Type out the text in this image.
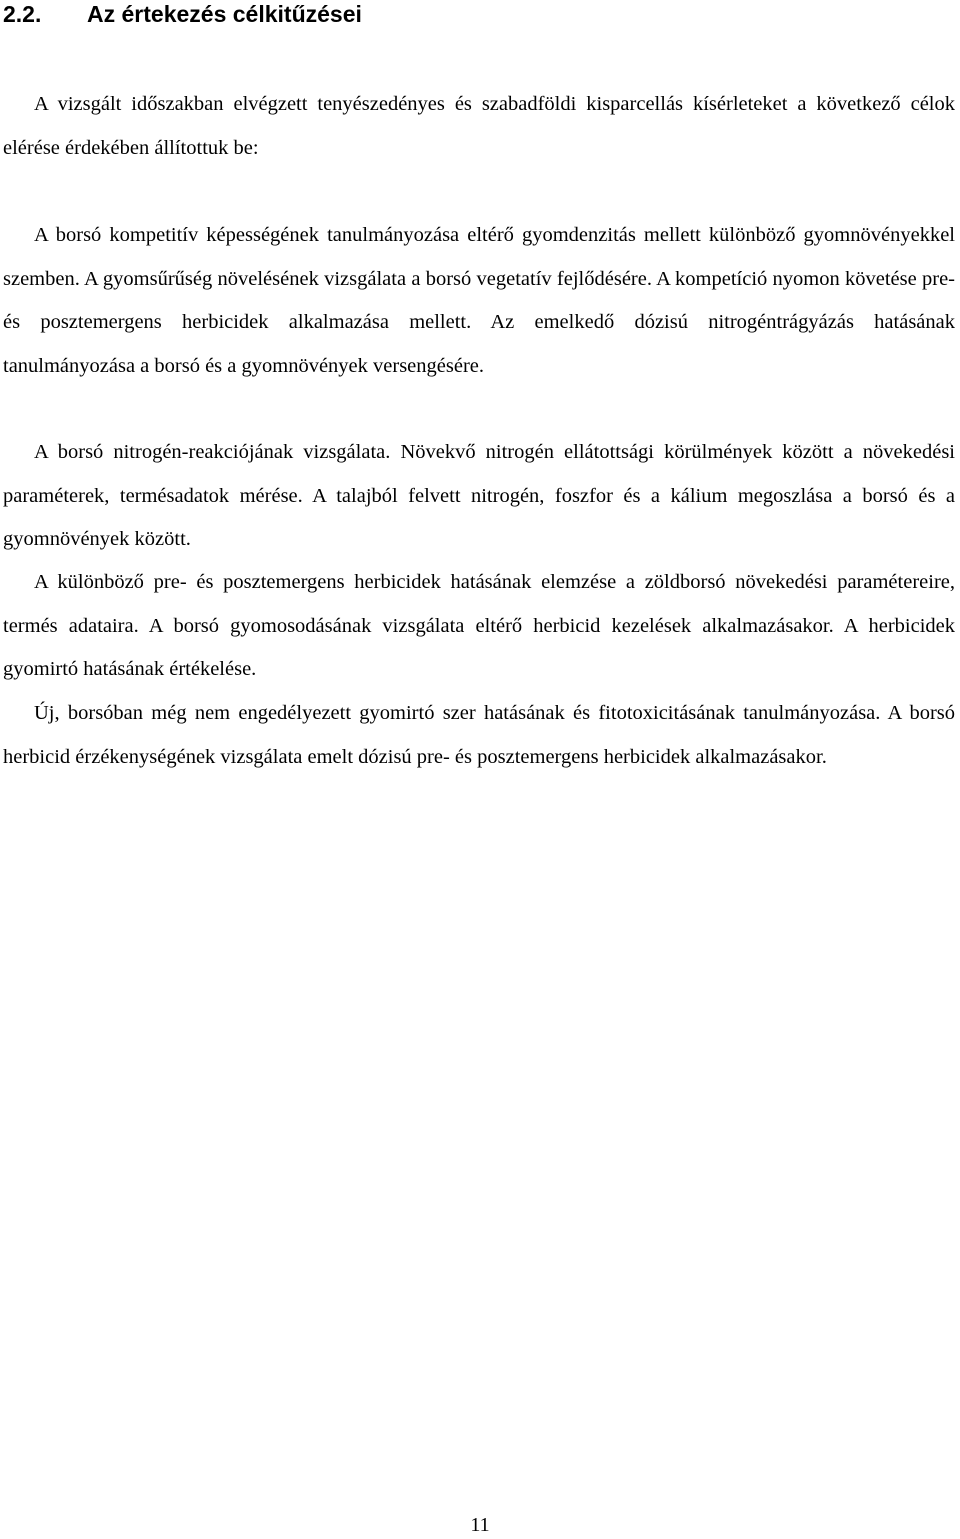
2.2. Az értekezés célkitűzései

A vizsgált időszakban elvégzett tenyészedényes és szabadföldi kisparcellás kísérleteket a következő célok elérése érdekében állítottuk be:

A borsó kompetitív képességének tanulmányozása eltérő gyomdenzitás mellett különböző gyomnövényekkel szemben. A gyomsűrűség növelésének vizsgálata a borsó vegetatív fejlődésére. A kompetíció nyomon követése pre- és posztemergens herbicidek alkalmazása mellett. Az emelkedő dózisú nitrogéntrágyázás hatásának tanulmányozása a borsó és a gyomnövények versengésére.

A borsó nitrogén-reakciójának vizsgálata. Növekvő nitrogén ellátottsági körülmények között a növekedési paraméterek, termésadatok mérése. A talajból felvett nitrogén, foszfor és a kálium megoszlása a borsó és a gyomnövények között.

A különböző pre- és posztemergens herbicidek hatásának elemzése a zöldborsó növekedési paramétereire, termés adataira. A borsó gyomosodásának vizsgálata eltérő herbicid kezelések alkalmazásakor. A herbicidek gyomirtó hatásának értékelése.

Új, borsóban még nem engedélyezett gyomirtó szer hatásának és fitotoxicitásának tanulmányozása. A borsó herbicid érzékenységének vizsgálata emelt dózisú pre- és posztemergens herbicidek alkalmazásakor.

11
